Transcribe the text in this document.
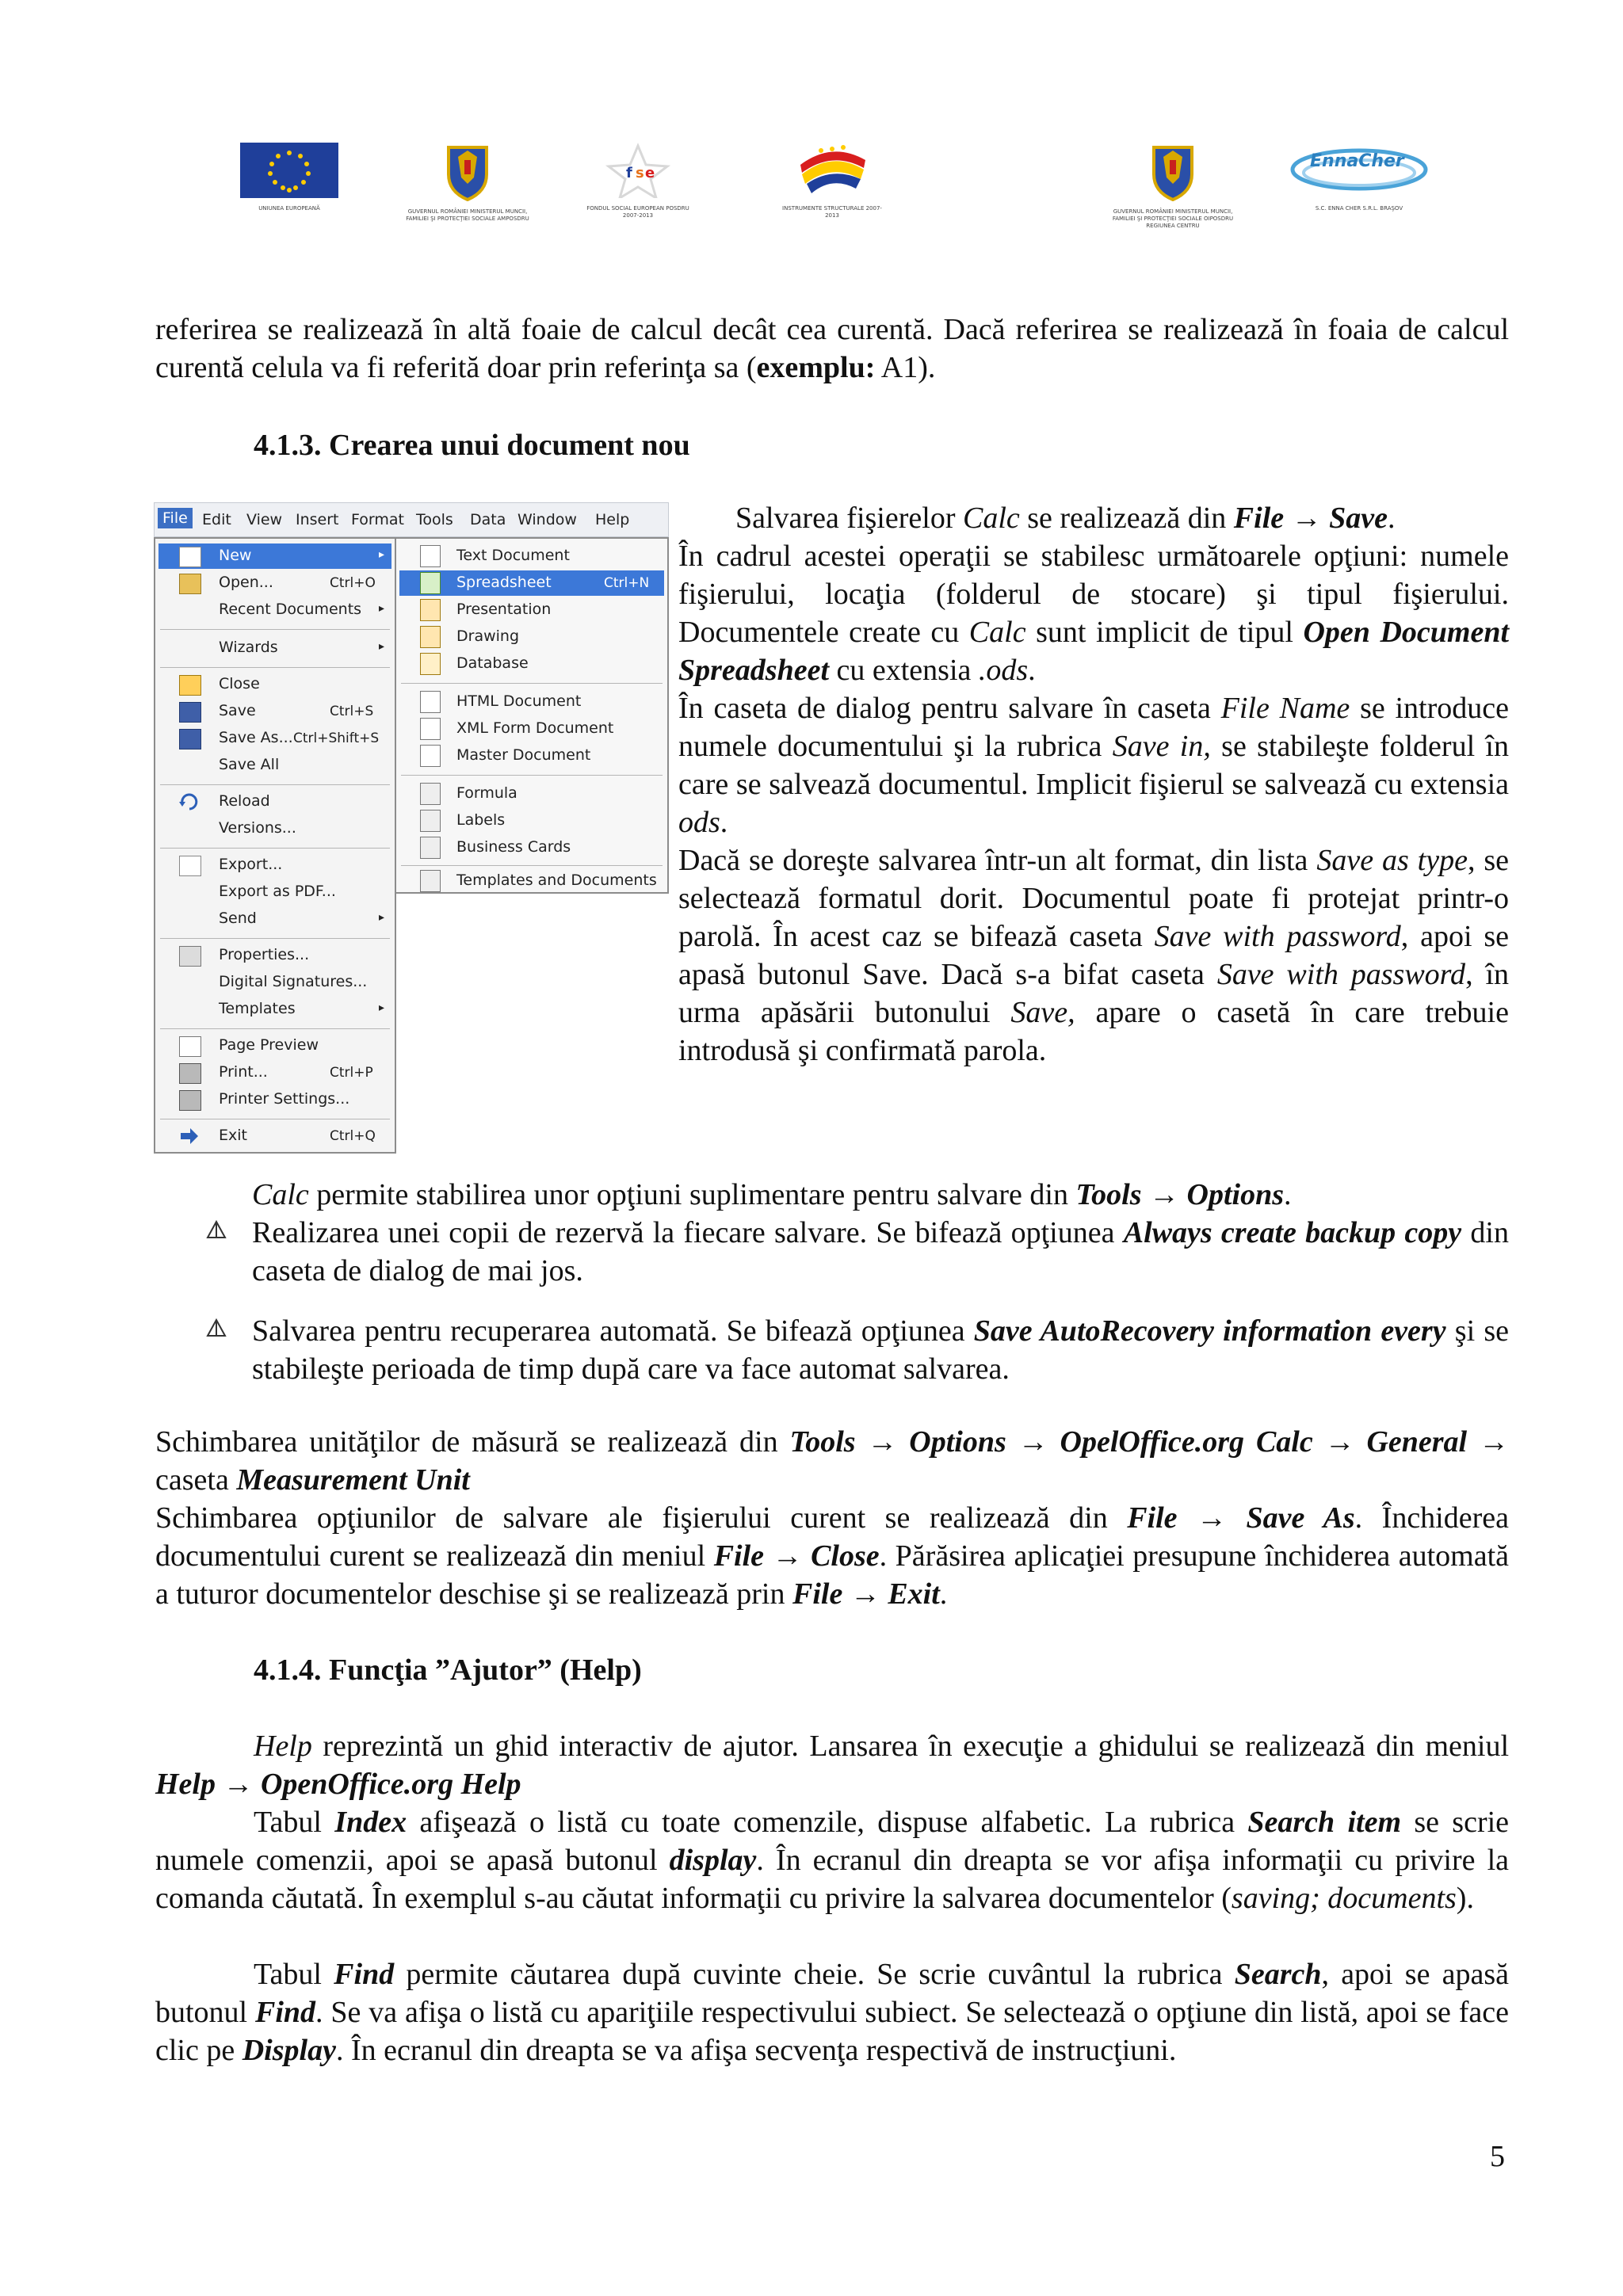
UNIUNEA EUROPEANĂ	GUVERNUL ROMÂNIEI MINISTERUL MUNCII, FAMILIEI ŞI PROTECŢIEI SOCIALE AMPOSDRU
f s e
FONDUL SOCIAL EUROPEAN POSDRU 2007-2013
INSTRUMENTE STRUCTURALE 2007-2013
GUVERNUL ROMÂNIEI MINISTERUL MUNCII, FAMILIEI ŞI PROTECŢIEI SOCIALE OIPOSDRU REGIUNEA CENTRU
EnnaCher
S.C. ENNA CHER S.R.L. BRAŞOV

referirea se realizează în altă foaie de calcul decât cea curentă. Dacă referirea se realizează în foaia de calcul curentă celula va fi referită doar prin referinţa sa (exemplu: A1).

4.1.3. Crearea unui document nou

File Edit View Insert Format Tools Data Window Help
New	▸
Open...	Ctrl+O
Recent Documents ▸
Wizards	▸
Close
Save	Ctrl+S
Save As... Ctrl+Shift+S
Save All
Reload
Versions...
Export...
Export as PDF...
Send	▸
Properties...
Digital Signatures...
Templates	▸
Page Preview
Print...	Ctrl+P
Printer Settings...
Exit	Ctrl+Q
Text Document
Spreadsheet	Ctrl+N
Presentation
Drawing
Database
HTML Document
XML Form Document
Master Document
Formula
Labels
Business Cards
Templates and Documents

Salvarea fişierelor Calc se realizează din File → Save.

În cadrul acestei operaţii se stabilesc următoarele opţiuni: numele fişierului, locaţia (folderul de stocare) şi tipul fişierului. Documentele create cu Calc sunt implicit de tipul Open Document Spreadsheet cu extensia .ods.

În caseta de dialog pentru salvare în caseta File Name se introduce numele documentului şi la rubrica Save in, se stabileşte folderul în care se salvează documentul. Implicit fişierul se salvează cu extensia ods.

Dacă se doreşte salvarea într-un alt format, din lista Save as type, se selectează formatul dorit. Documentul poate fi protejat printr-o parolă. În acest caz se bifează caseta Save with password, apoi se apasă butonul Save. Dacă s-a bifat caseta Save with password, în urma apăsării butonului Save, apare o casetă în care trebuie introdusă şi confirmată parola.

Calc permite stabilirea unor opţiuni suplimentare pentru salvare din Tools → Options.

Realizarea unei copii de rezervă la fiecare salvare. Se bifează opţiunea Always create backup copy din caseta de dialog de mai jos.
Salvarea pentru recuperarea automată. Se bifează opţiunea Save AutoRecovery information every şi se stabileşte perioada de timp după care va face automat salvarea.

Schimbarea unităţilor de măsură se realizează din Tools → Options → OpelOffice.org Calc → General → caseta Measurement Unit

Schimbarea opţiunilor de salvare ale fişierului curent se realizează din File → Save As. Închiderea documentului curent se realizează din meniul File → Close. Părăsirea aplicaţiei presupune închiderea automată a tuturor documentelor deschise şi se realizează prin File → Exit.

4.1.4. Funcţia ”Ajutor” (Help)

Help reprezintă un ghid interactiv de ajutor. Lansarea în execuţie a ghidului se realizează din meniul Help → OpenOffice.org Help

Tabul Index afişează o listă cu toate comenzile, dispuse alfabetic. La rubrica Search item se scrie numele comenzii, apoi se apasă butonul display. În ecranul din dreapta se vor afişa informaţii cu privire la comanda căutată. În exemplul s-au căutat informaţii cu privire la salvarea documentelor (saving; documents).

Tabul Find permite căutarea după cuvinte cheie. Se scrie cuvântul la rubrica Search, apoi se apasă butonul Find. Se va afişa o listă cu apariţiile respectivului subiect. Se selectează o opţiune din listă, apoi se face clic pe Display. În ecranul din dreapta se va afişa secvenţa respectivă de instrucţiuni.

5
